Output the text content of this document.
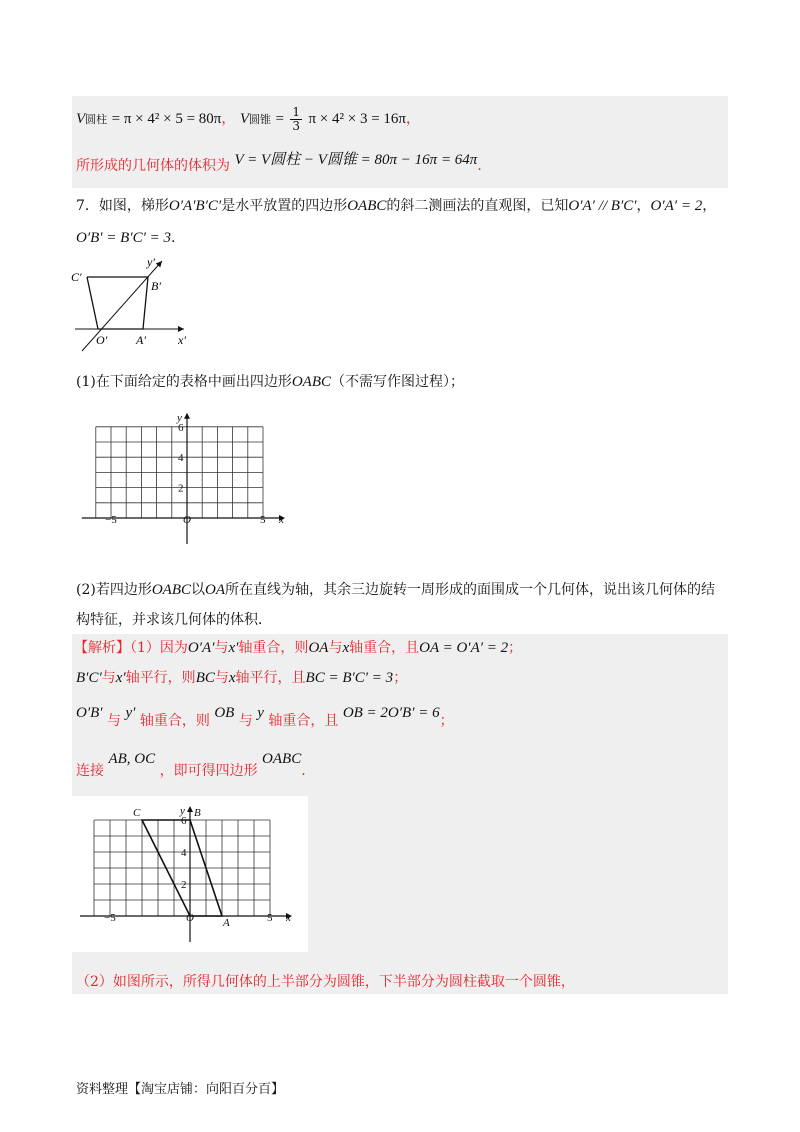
V圆柱 = π × 4² × 5 = 80π， V圆锥 = $\frac{1}{3}$ π × 4² × 3 = 16π，
所形成的几何体的体积为 V = V圆柱 − V圆锥 = 80π − 16π = 64π.
7．如图，梯形O′A′B′C′是水平放置的四边形OABC的斜二测画法的直观图，已知O′A′ // B′C′，O′A′ = 2，
O′B′ = B′C′ = 3.
C′
B′
O′ A′	x′
y′
(1)在下面给定的表格中画出四边形OABC（不需写作图过程）；
y
x
6
4
2
−5	5
O
(2)若四边形OABC以OA所在直线为轴，其余三边旋转一周形成的面围成一个几何体，说出该几何体的结
构特征，并求该几何体的体积．
【解析】（1）因为O′A′与x′轴重合，则OA与x轴重合，且OA = O′A′ = 2；
B′C′与x′轴平行，则BC与x轴平行，且BC = B′C′ = 3；
O′B′ 与 y′ 轴重合，则 OB 与 y 轴重合，且 OB = 2O′B′ = 6；
连接 AB, OC ，即可得四边形 OABC.
y
x
6
4
2
−5	5
O
C	B
A
（2）如图所示，所得几何体的上半部分为圆锥，下半部分为圆柱截取一个圆锥，
资料整理【淘宝店铺：向阳百分百】
